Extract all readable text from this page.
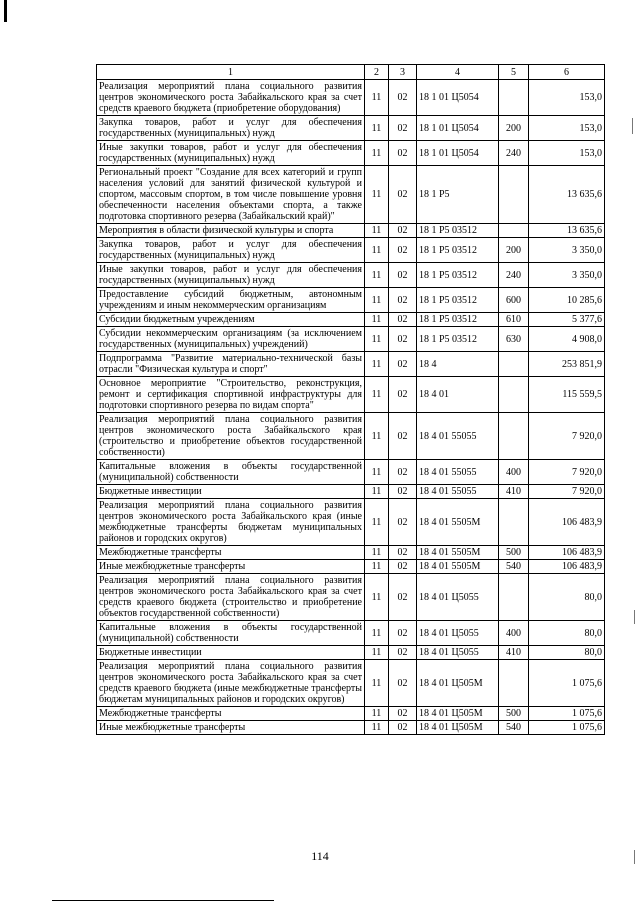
1	2	3	4	5	6
Реализация мероприятий плана социального развития центров экономического роста Забайкальского края за счет средств краевого бюджета (приобретение оборудования)	11	02	18 1 01 Ц5054		153,0
Закупка товаров, работ и услуг для обеспечения государственных (муниципальных) нужд	11	02	18 1 01 Ц5054	200	153,0
Иные закупки товаров, работ и услуг для обеспечения государственных (муниципальных) нужд	11	02	18 1 01 Ц5054	240	153,0
Региональный проект "Создание для всех категорий и групп населения условий для занятий физической культурой и спортом, массовым спортом, в том числе повышение уровня обеспеченности населения объектами спорта, а также подготовка спортивного резерва (Забайкальский край)"	11	02	18 1 P5		13 635,6
Мероприятия в области физической культуры и спорта	11	02	18 1 P5 03512		13 635,6
Закупка товаров, работ и услуг для обеспечения государственных (муниципальных) нужд	11	02	18 1 P5 03512	200	3 350,0
Иные закупки товаров, работ и услуг для обеспечения государственных (муниципальных) нужд	11	02	18 1 P5 03512	240	3 350,0
Предоставление субсидий бюджетным, автономным учреждениям и иным некоммерческим организациям	11	02	18 1 P5 03512	600	10 285,6
Субсидии бюджетным учреждениям	11	02	18 1 P5 03512	610	5 377,6
Субсидии некоммерческим организациям (за исключением государственных (муниципальных) учреждений)	11	02	18 1 P5 03512	630	4 908,0
Подпрограмма "Развитие материально-технической базы отрасли "Физическая культура и спорт"	11	02	18 4		253 851,9
Основное мероприятие "Строительство, реконструкция, ремонт и сертификация спортивной инфраструктуры для подготовки спортивного резерва по видам спорта"	11	02	18 4 01		115 559,5
Реализация мероприятий плана социального развития центров экономического роста Забайкальского края (строительство и приобретение объектов государственной собственности)	11	02	18 4 01 55055		7 920,0
Капитальные вложения в объекты государственной (муниципальной) собственности	11	02	18 4 01 55055	400	7 920,0
Бюджетные инвестиции	11	02	18 4 01 55055	410	7 920,0
Реализация мероприятий плана социального развития центров экономического роста Забайкальского края (иные межбюджетные трансферты бюджетам муниципальных районов и городских округов)	11	02	18 4 01 5505М		106 483,9
Межбюджетные трансферты	11	02	18 4 01 5505М	500	106 483,9
Иные межбюджетные трансферты	11	02	18 4 01 5505М	540	106 483,9
Реализация мероприятий плана социального развития центров экономического роста Забайкальского края за счет средств краевого бюджета (строительство и приобретение объектов государственной собственности)	11	02	18 4 01 Ц5055		80,0
Капитальные вложения в объекты государственной (муниципальной) собственности	11	02	18 4 01 Ц5055	400	80,0
Бюджетные инвестиции	11	02	18 4 01 Ц5055	410	80,0
Реализация мероприятий плана социального развития центров экономического роста Забайкальского края за счет средств краевого бюджета (иные межбюджетные трансферты бюджетам муниципальных районов и городских округов)	11	02	18 4 01 Ц505М		1 075,6
Межбюджетные трансферты	11	02	18 4 01 Ц505М	500	1 075,6
Иные межбюджетные трансферты	11	02	18 4 01 Ц505М	540	1 075,6
114
